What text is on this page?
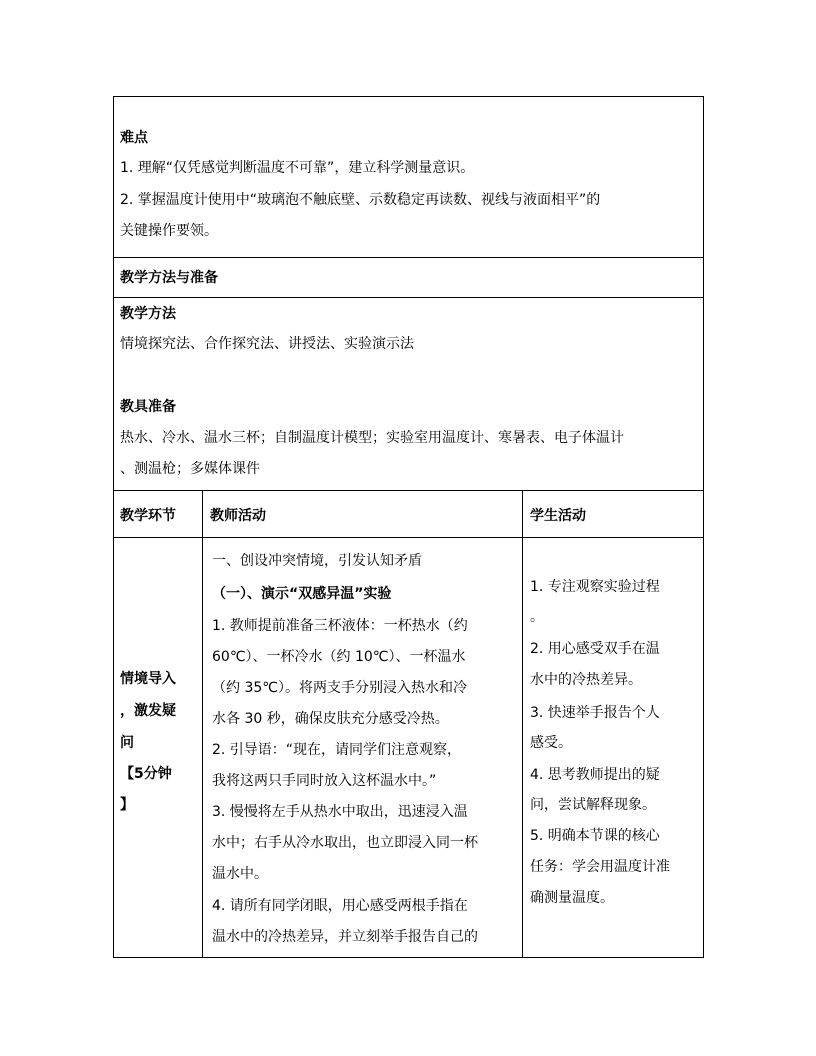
难点
1. 理解“仅凭感觉判断温度不可靠”，建立科学测量意识。
2. 掌握温度计使用中“玻璃泡不触底壁、示数稳定再读数、视线与液面相平”的
关键操作要领。
教学方法与准备
教学方法
情境探究法、合作探究法、讲授法、实验演示法
教具准备
热水、冷水、温水三杯；自制温度计模型；实验室用温度计、寒暑表、电子体温计
、测温枪；多媒体课件
教学环节 教师活动	学生活动
情境导入
，激发疑
问
【5分钟
】
一、创设冲突情境，引发认知矛盾
（一）、演示“双感异温”实验
1. 教师提前准备三杯液体：一杯热水（约
60℃）、一杯冷水（约 10℃）、一杯温水
（约 35℃）。将两支手分别浸入热水和冷
水各 30 秒，确保皮肤充分感受冷热。
2. 引导语：“现在，请同学们注意观察，
我将这两只手同时放入这杯温水中。”
3. 慢慢将左手从热水中取出，迅速浸入温
水中；右手从冷水取出，也立即浸入同一杯
温水中。
4. 请所有同学闭眼，用心感受两根手指在
温水中的冷热差异，并立刻举手报告自己的
1. 专注观察实验过程
。
2. 用心感受双手在温
水中的冷热差异。
3. 快速举手报告个人
感受。
4. 思考教师提出的疑
问，尝试解释现象。
5. 明确本节课的核心
任务：学会用温度计准
确测量温度。
